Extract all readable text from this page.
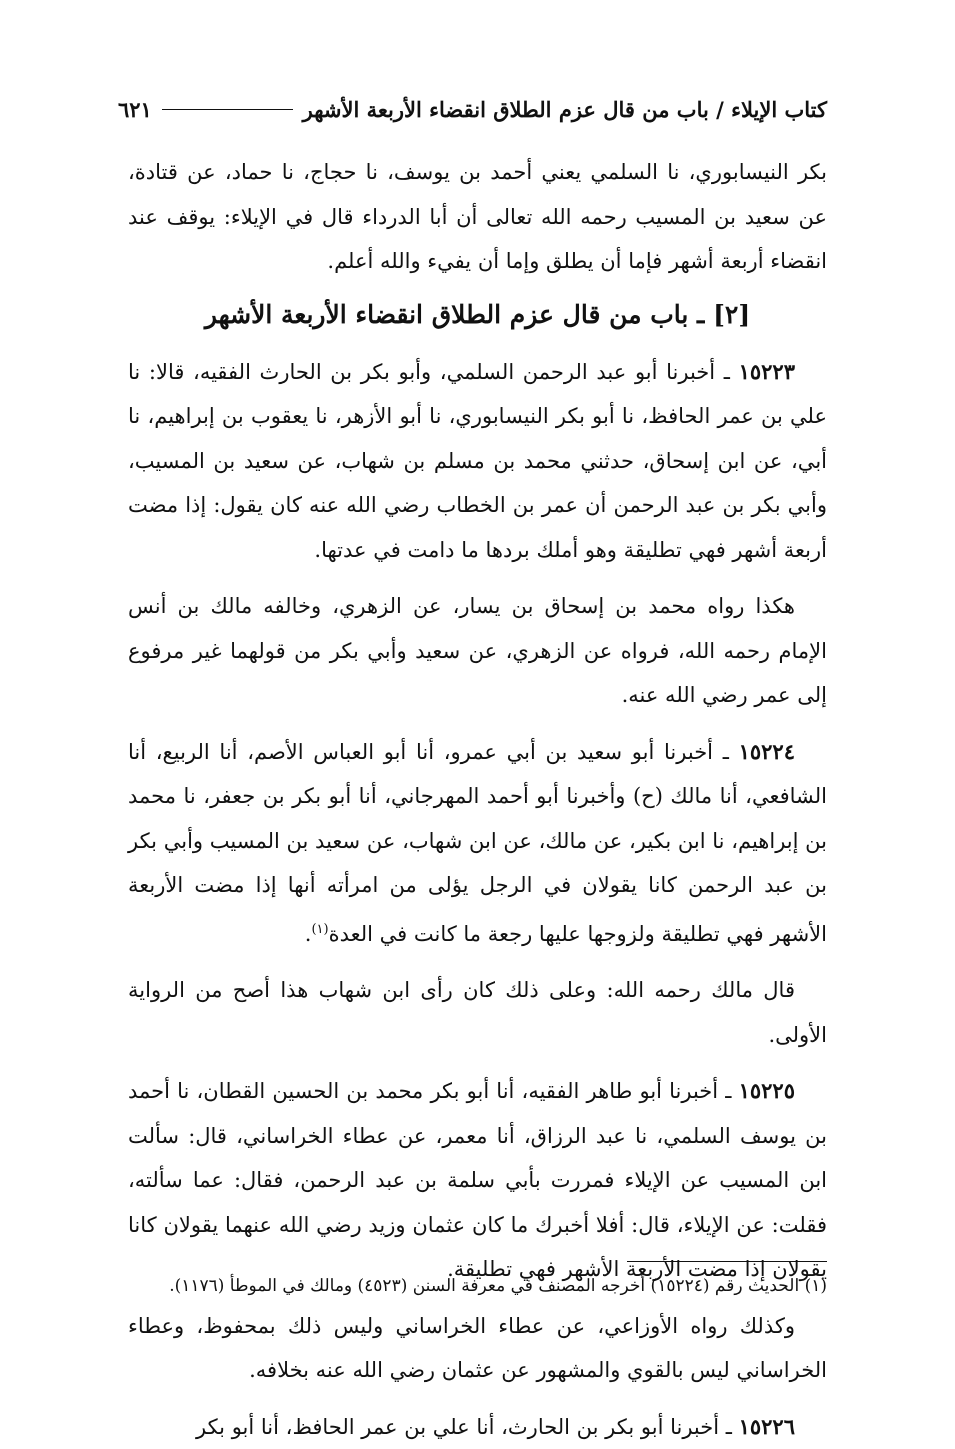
كتاب الإيلاء / باب من قال عزم الطلاق انقضاء الأربعة الأشهر
٦٢١

بكر النيسابوري، نا السلمي يعني أحمد بن يوسف، نا حجاج، نا حماد، عن قتادة، عن سعيد بن المسيب رحمه الله تعالى أن أبا الدرداء قال في الإيلاء: يوقف عند انقضاء أربعة أشهر فإما أن يطلق وإما أن يفيء والله أعلم.

[٢] ـ باب من قال عزم الطلاق انقضاء الأربعة الأشهر

١٥٢٢٣ ـ أخبرنا أبو عبد الرحمن السلمي، وأبو بكر بن الحارث الفقيه، قالا: نا علي بن عمر الحافظ، نا أبو بكر النيسابوري، نا أبو الأزهر، نا يعقوب بن إبراهيم، نا أبي، عن ابن إسحاق، حدثني محمد بن مسلم بن شهاب، عن سعيد بن المسيب، وأبي بكر بن عبد الرحمن أن عمر بن الخطاب رضي الله عنه كان يقول: إذا مضت أربعة أشهر فهي تطليقة وهو أملك بردها ما دامت في عدتها.

هكذا رواه محمد بن إسحاق بن يسار، عن الزهري، وخالفه مالك بن أنس الإمام رحمه الله، فرواه عن الزهري، عن سعيد وأبي بكر من قولهما غير مرفوع إلى عمر رضي الله عنه.

١٥٢٢٤ ـ أخبرنا أبو سعيد بن أبي عمرو، أنا أبو العباس الأصم، أنا الربيع، أنا الشافعي، أنا مالك (ح) وأخبرنا أبو أحمد المهرجاني، أنا أبو بكر بن جعفر، نا محمد بن إبراهيم، نا ابن بكير، عن مالك، عن ابن شهاب، عن سعيد بن المسيب وأبي بكر بن عبد الرحمن كانا يقولان في الرجل يؤلى من امرأته أنها إذا مضت الأربعة الأشهر فهي تطليقة ولزوجها عليها رجعة ما كانت في العدة$^{(١)}$.

قال مالك رحمه الله: وعلى ذلك كان رأى ابن شهاب هذا أصح من الرواية الأولى.

١٥٢٢٥ ـ أخبرنا أبو طاهر الفقيه، أنا أبو بكر محمد بن الحسين القطان، نا أحمد بن يوسف السلمي، نا عبد الرزاق، أنا معمر، عن عطاء الخراساني، قال: سألت ابن المسيب عن الإيلاء فمررت بأبي سلمة بن عبد الرحمن، فقال: عما سألته، فقلت: عن الإيلاء، قال: أفلا أخبرك ما كان عثمان وزيد رضي الله عنهما يقولان كانا يقولان إذا مضت الأربعة الأشهر فهي تطليقة.

وكذلك رواه الأوزاعي، عن عطاء الخراساني وليس ذلك بمحفوظ، وعطاء الخراساني ليس بالقوي والمشهور عن عثمان رضي الله عنه بخلافه.

١٥٢٢٦ ـ أخبرنا أبو بكر بن الحارث، أنا علي بن عمر الحافظ، أنا أبو بكر

(١) الحديث رقم (١٥٢٢٤) أخرجه المصنف في معرفة السنن (٤٥٢٣) ومالك في الموطأ (١١٧٦).
